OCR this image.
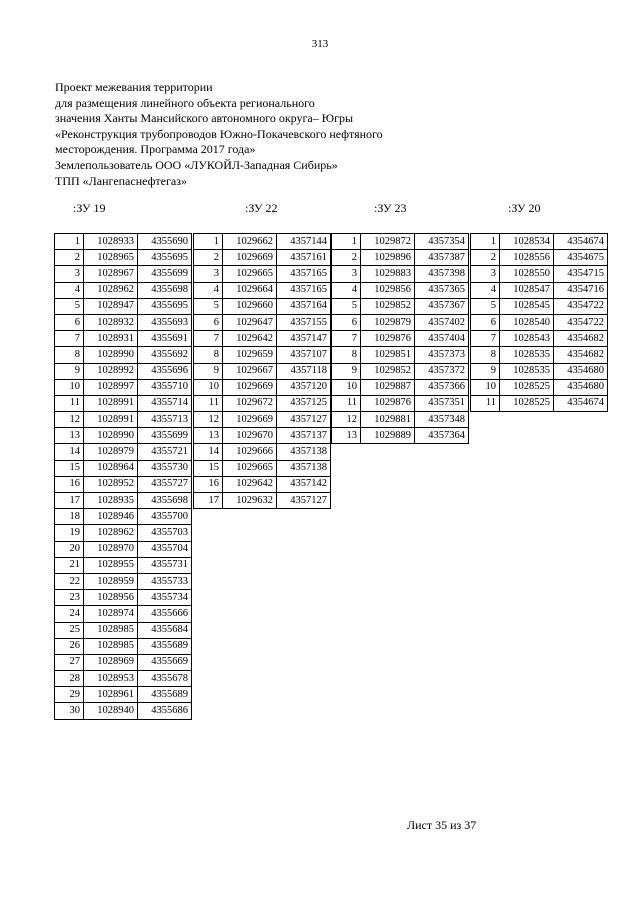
313
Проект межевания территории
для размещения линейного объекта регионального
значения Ханты Мансийского автономного округа– Югры
«Реконструкция трубопроводов Южно-Покачевского нефтяного
месторождения. Программа 2017 года»
Землепользователь ООО «ЛУКОЙЛ-Западная Сибирь»
ТПП «Лангепаснефтегаз»
:ЗУ 19	:ЗУ 22	:ЗУ 23	:ЗУ 20
1	1028933	4355690
2	1028965	4355695
3	1028967	4355699
4	1028962	4355698
5	1028947	4355695
6	1028932	4355693
7	1028931	4355691
8	1028990	4355692
9	1028992	4355696
10	1028997	4355710
11	1028991	4355714
12	1028991	4355713
13	1028990	4355699
14	1028979	4355721
15	1028964	4355730
16	1028952	4355727
17	1028935	4355698
18	1028946	4355700
19	1028962	4355703
20	1028970	4355704
21	1028955	4355731
22	1028959	4355733
23	1028956	4355734
24	1028974	4355666
25	1028985	4355684
26	1028985	4355689
27	1028969	4355669
28	1028953	4355678
29	1028961	4355689
30	1028940	4355686
1	1029662	4357144
2	1029669	4357161
3	1029665	4357165
4	1029664	4357165
5	1029660	4357164
6	1029647	4357155
7	1029642	4357147
8	1029659	4357107
9	1029667	4357118
10	1029669	4357120
11	1029672	4357125
12	1029669	4357127
13	1029670	4357137
14	1029666	4357138
15	1029665	4357138
16	1029642	4357142
17	1029632	4357127
1	1029872	4357354
2	1029896	4357387
3	1029883	4357398
4	1029856	4357365
5	1029852	4357367
6	1029879	4357402
7	1029876	4357404
8	1029851	4357373
9	1029852	4357372
10	1029887	4357366
11	1029876	4357351
12	1029881	4357348
13	1029889	4357364
1	1028534	4354674
2	1028556	4354675
3	1028550	4354715
4	1028547	4354716
5	1028545	4354722
6	1028540	4354722
7	1028543	4354682
8	1028535	4354682
9	1028535	4354680
10	1028525	4354680
11	1028525	4354674
Лист 35 из 37
